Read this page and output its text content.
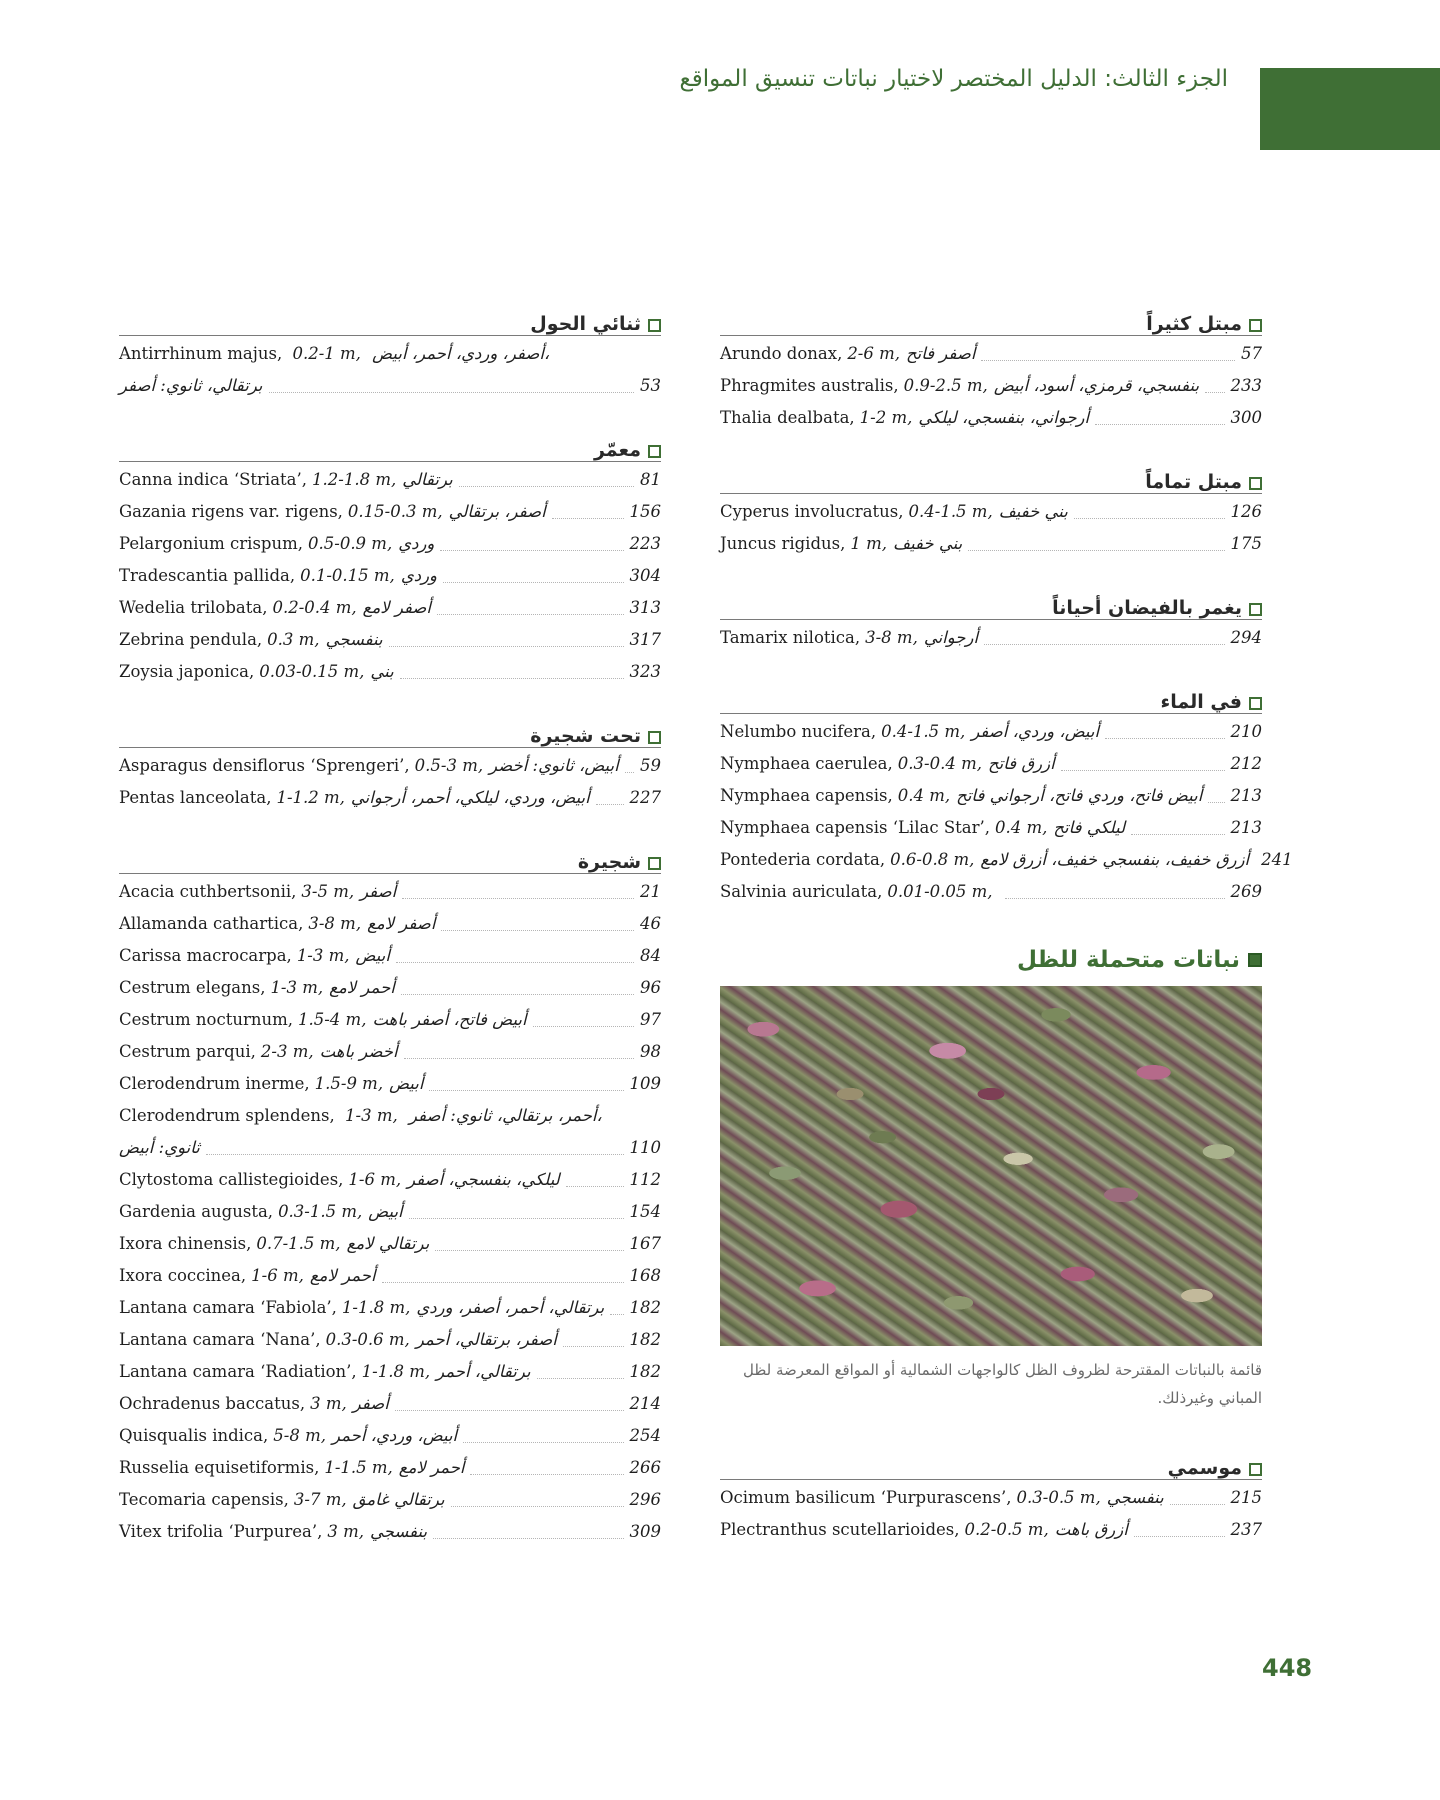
الجزء الثالث: الدليل المختصر لاختيار نباتات تنسيق المواقع
مبتل كثيراً
Arundo donax, 2-6 m, أصفر فاتح	57
Phragmites australis, 0.9-2.5 m, بنفسجي، قرمزي، أسود، أبيض 233
Thalia dealbata, 1-2 m, أرجواني، بنفسجي، ليلكي	300
مبتل تماماً
Cyperus involucratus, 0.4-1.5 m, بني خفيف	126
Juncus rigidus, 1 m, بني خفيف	175
يغمر بالفيضان أحياناً
Tamarix nilotica, 3-8 m, أرجواني	294
في الماء
Nelumbo nucifera, 0.4-1.5 m, أبيض، وردي، أصفر	210
Nymphaea caerulea, 0.3-0.4 m, أزرق فاتح	212
Nymphaea capensis, 0.4 m, أبيض فاتح، وردي فاتح، أرجواني فاتح 213
Nymphaea capensis ‘Lilac Star’, 0.4 m, ليلكي فاتح	213
Pontederia cordata, 0.6-0.8 m, أزرق خفيف، بنفسجي خفيف، أزرق لامع 241
Salvinia auriculata, 0.01-0.05 m,	269
نباتات متحملة للظل
قائمة بالنباتات المقترحة لظروف الظل كالواجهات الشمالية أو المواقع المعرضة لظل المباني وغيرذلك.
موسمي
Ocimum basilicum ‘Purpurascens’, 0.3-0.5 m, بنفسجي	215
Plectranthus scutellarioides, 0.2-0.5 m, أزرق باهت	237
ثنائي الحول
Antirrhinum majus, 0.2-1 m, أصفر، وردي، أحمر، أبيض،
برتقالي، ثانوي: أصفر	53
معمّر
Canna indica ‘Striata’, 1.2-1.8 m, برتقالي	81
Gazania rigens var. rigens, 0.15-0.3 m, أصفر، برتقالي	156
Pelargonium crispum, 0.5-0.9 m, وردي	223
Tradescantia pallida, 0.1-0.15 m, وردي	304
Wedelia trilobata, 0.2-0.4 m, أصفر لامع	313
Zebrina pendula, 0.3 m, بنفسجي	317
Zoysia japonica, 0.03-0.15 m, بني	323
تحت شجيرة
Asparagus densiflorus ‘Sprengeri’, 0.5-3 m, أبيض، ثانوي: أخضر 59
Pentas lanceolata, 1-1.2 m, أبيض، وردي، ليلكي، أحمر، أرجواني 227
شجيرة
Acacia cuthbertsonii, 3-5 m, أصفر	21
Allamanda cathartica, 3-8 m, أصفر لامع	46
Carissa macrocarpa, 1-3 m, أبيض	84
Cestrum elegans, 1-3 m, أحمر لامع	96
Cestrum nocturnum, 1.5-4 m, أبيض فاتح، أصفر باهت	97
Cestrum parqui, 2-3 m, أخضر باهت	98
Clerodendrum inerme, 1.5-9 m, أبيض	109
Clerodendrum splendens, 1-3 m, أحمر، برتقالي، ثانوي: أصفر،
ثانوي: أبيض	110
Clytostoma callistegioides, 1-6 m, ليلكي، بنفسجي، أصفر	112
Gardenia augusta, 0.3-1.5 m, أبيض	154
Ixora chinensis, 0.7-1.5 m, برتقالي لامع	167
Ixora coccinea, 1-6 m, أحمر لامع	168
Lantana camara ‘Fabiola’, 1-1.8 m, برتقالي، أحمر، أصفر، وردي 182
Lantana camara ‘Nana’, 0.3-0.6 m, أصفر، برتقالي، أحمر	182
Lantana camara ‘Radiation’, 1-1.8 m, برتقالي، أحمر	182
Ochradenus baccatus, 3 m, أصفر	214
Quisqualis indica, 5-8 m, أبيض، وردي، أحمر	254
Russelia equisetiformis, 1-1.5 m, أحمر لامع	266
Tecomaria capensis, 3-7 m, برتقالي غامق	296
Vitex trifolia ‘Purpurea’, 3 m, بنفسجي	309
448
